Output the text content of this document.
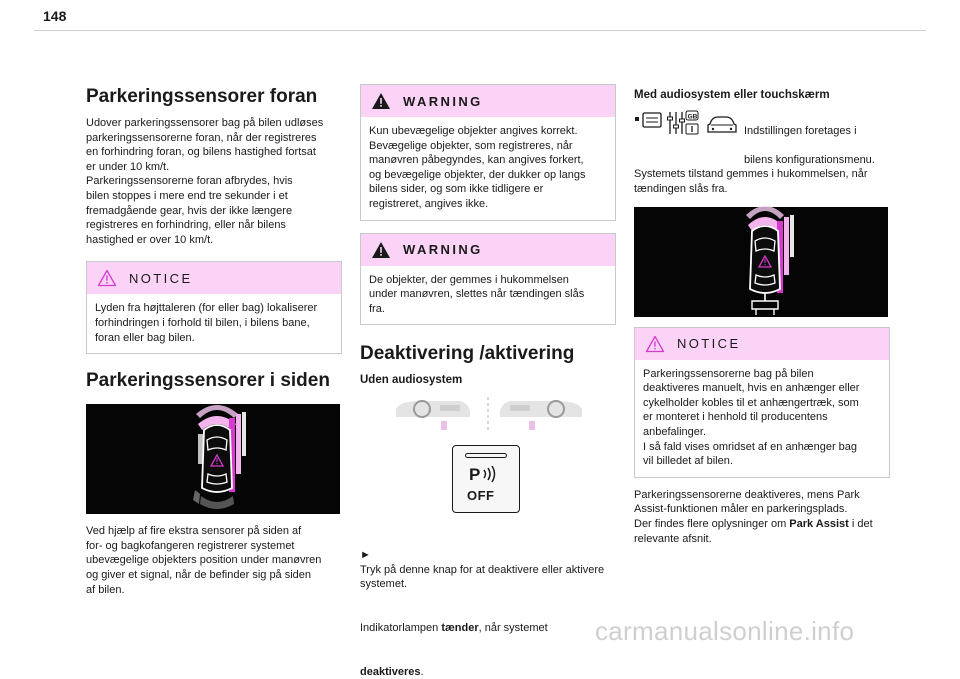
148
Parkeringssensorer foran

Udover parkeringssensorer bag på bilen udløses
parkeringssensorerne foran, når der registreres
en forhindring foran, og bilens hastighed fortsat
er under 10 km/t.
Parkeringssensorerne foran afbrydes, hvis
bilen stoppes i mere end tre sekunder i et
fremadgående gear, hvis der ikke længere
registreres en forhindring, eller når bilens
hastighed er over 10 km/t.

NOTICE
Lyden fra højttaleren (for eller bag) lokaliserer
forhindringen i forhold til bilen, i bilens bane,
foran eller bag bilen.
Parkeringssensorer i siden

Ved hjælp af fire ekstra sensorer på siden af
for- og bagkofangeren registrerer systemet
ubevægelige objekters position under manøvren
og giver et signal, når de befinder sig på siden
af bilen.

WARNING
Kun ubevægelige objekter angives korrekt.
Bevægelige objekter, som registreres, når
manøvren påbegyndes, kan angives forkert,
og bevægelige objekter, der dukker op langs
bilens sider, og som ikke tidligere er
registreret, angives ikke.
WARNING
De objekter, der gemmes i hukommelsen
under manøvren, slettes når tændingen slås
fra.
Deaktivering /aktivering
Uden audiosystem
P
OFF

►
Tryk på denne knap for at deaktivere eller aktivere systemet.

Indikatorlampen tænder, når systemet

deaktiveres.

Med audiosystem eller touchskærm
GB

Indstillingen foretages i

bilens konfigurationsmenu.

Systemets tilstand gemmes i hukommelsen, når
tændingen slås fra.

NOTICE
Parkeringssensorerne bag på bilen
deaktiveres manuelt, hvis en anhænger eller
cykelholder kobles til et anhængertræk, som
er monteret i henhold til producentens
anbefalinger.
I så fald vises omridset af en anhænger bag
vil billedet af bilen.

Parkeringssensorerne deaktiveres, mens Park
Assist-funktionen måler en parkeringsplads.
Der findes flere oplysninger om Park Assist i det
relevante afsnit.

carmanualsonline.info
